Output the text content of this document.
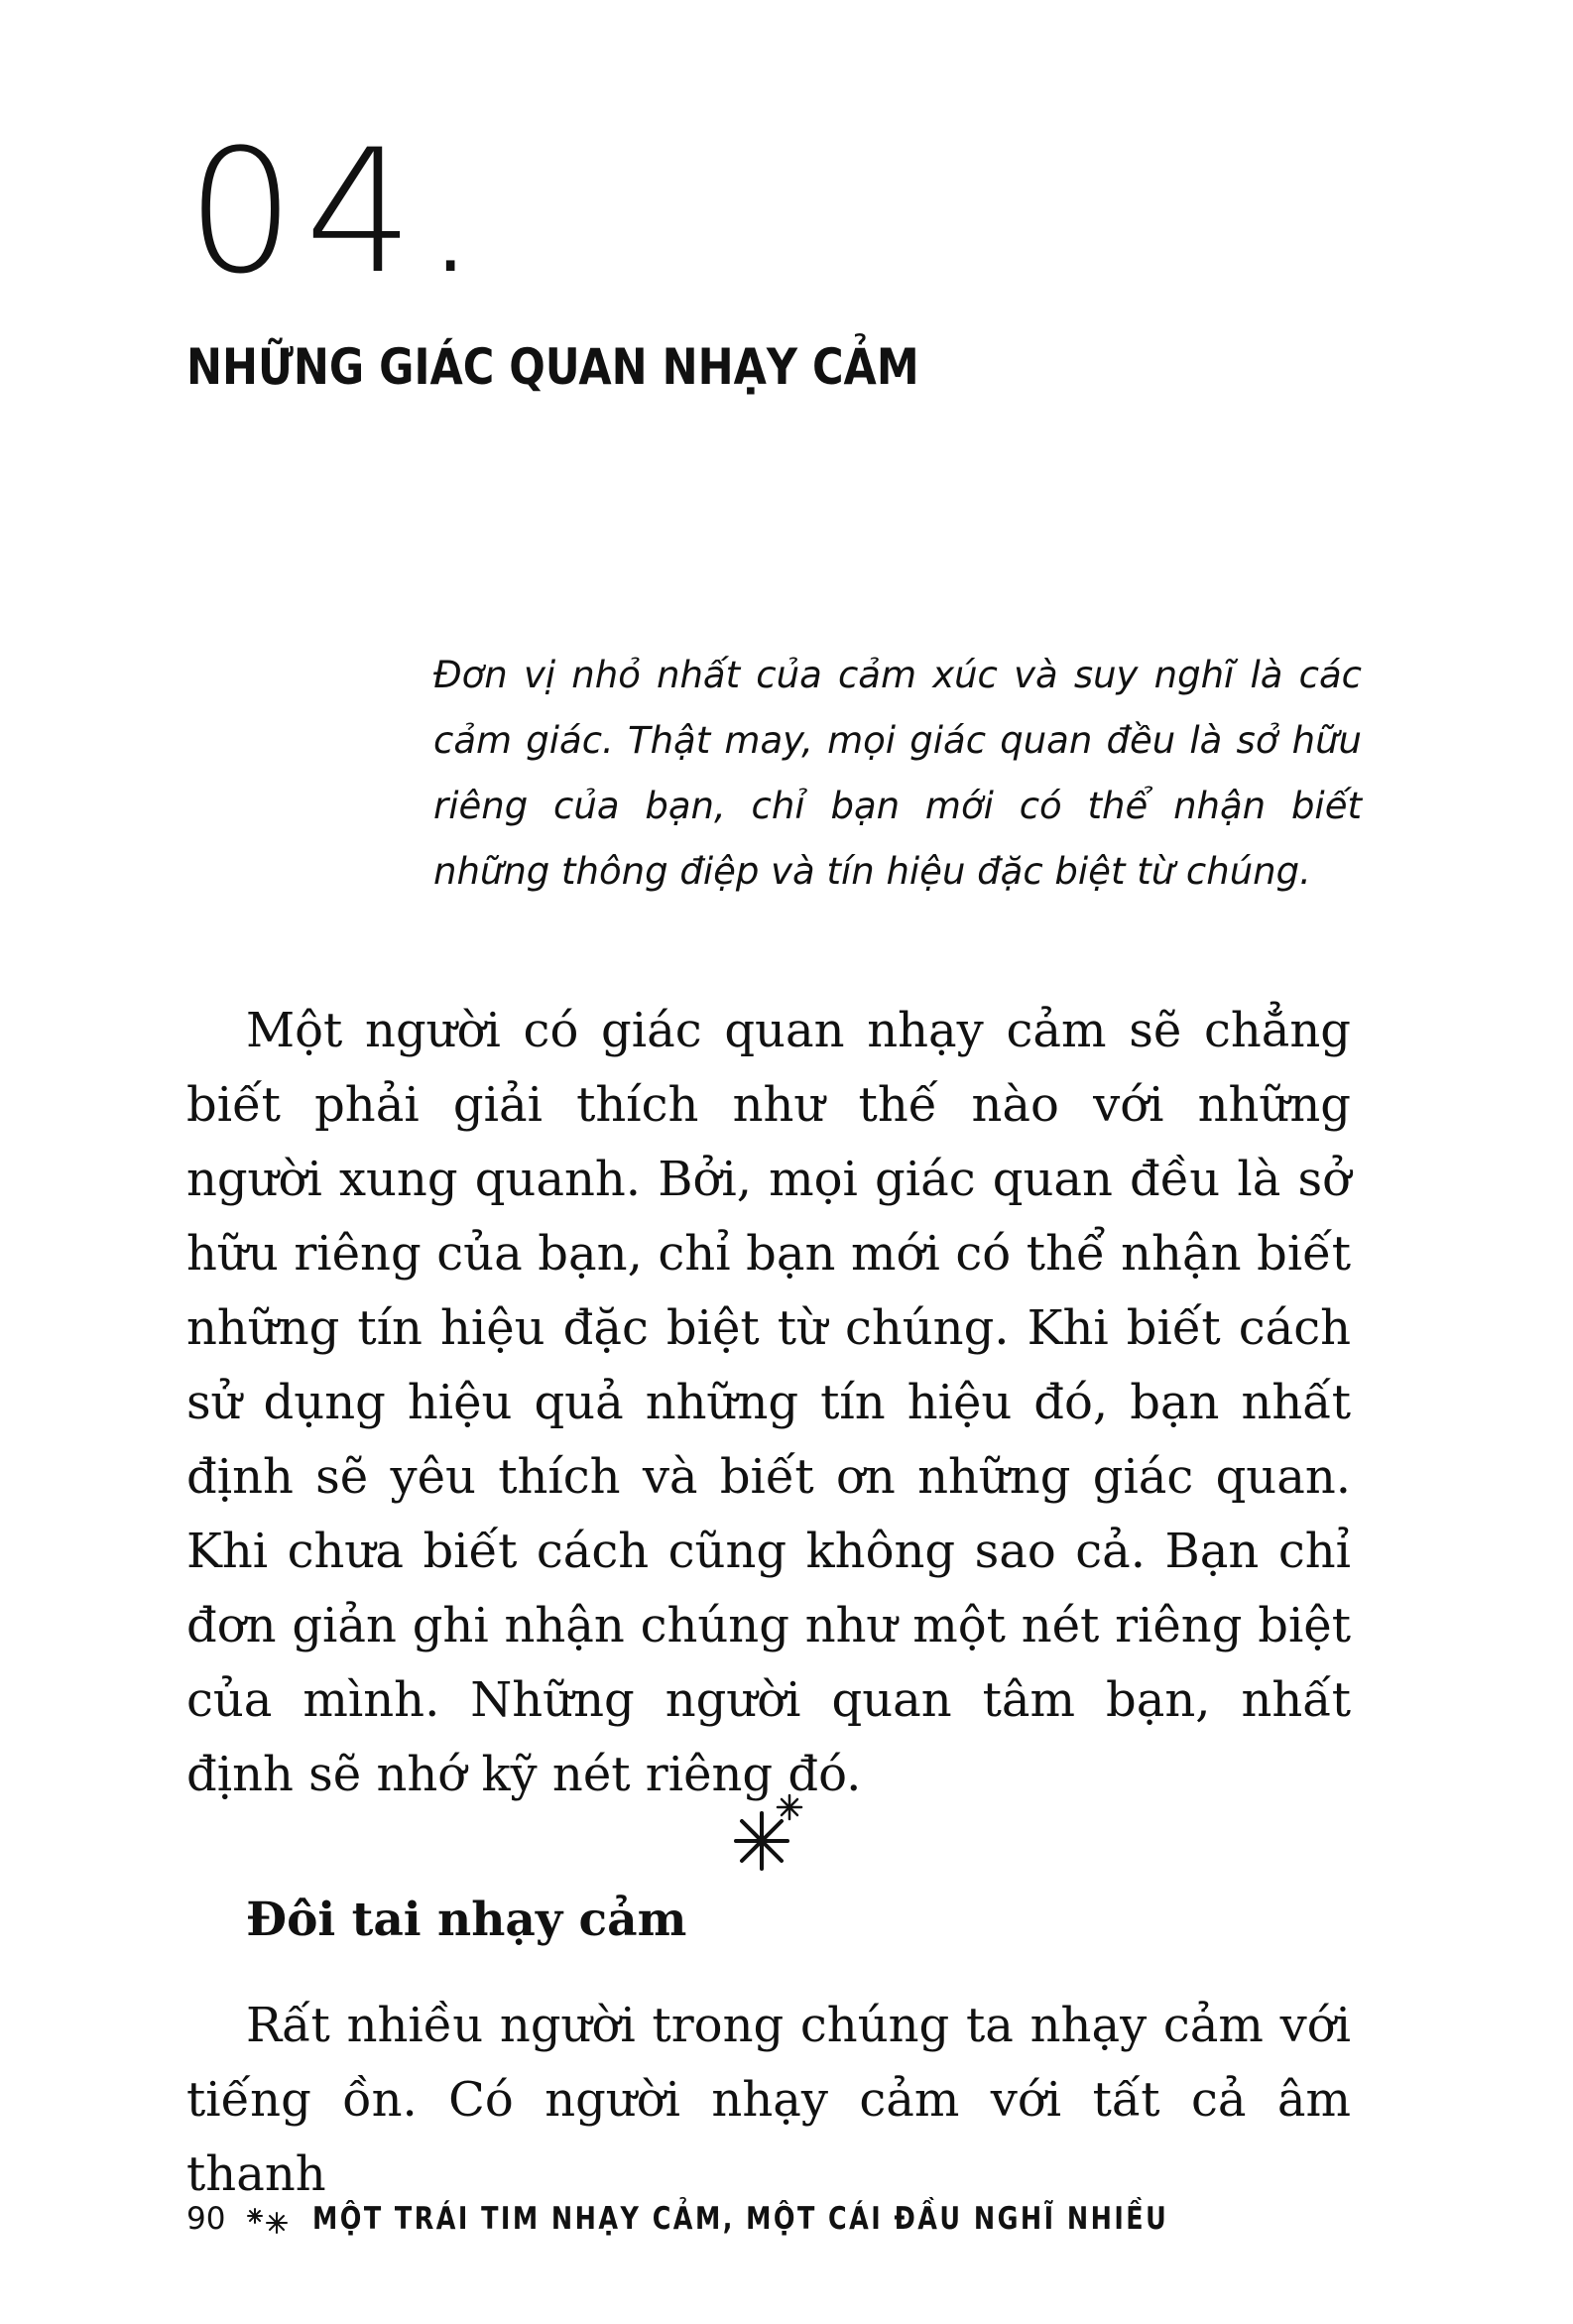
04.
NHỮNG GIÁC QUAN NHẠY CẢM

Đơn vị nhỏ nhất của cảm xúc và suy nghĩ là các cảm giác. Thật may, mọi giác quan đều là sở hữu riêng của bạn, chỉ bạn mới có thể nhận biết những thông điệp và tín hiệu đặc biệt từ chúng.

Một người có giác quan nhạy cảm sẽ chẳng biết phải giải thích như thế nào với những người xung quanh. Bởi, mọi giác quan đều là sở hữu riêng của bạn, chỉ bạn mới có thể nhận biết những tín hiệu đặc biệt từ chúng. Khi biết cách sử dụng hiệu quả những tín hiệu đó, bạn nhất định sẽ yêu thích và biết ơn những giác quan. Khi chưa biết cách cũng không sao cả. Bạn chỉ đơn giản ghi nhận chúng như một nét riêng biệt của mình. Những người quan tâm bạn, nhất định sẽ nhớ kỹ nét riêng đó.

Đôi tai nhạy cảm

Rất nhiều người trong chúng ta nhạy cảm với tiếng ồn. Có người nhạy cảm với tất cả âm thanh

90	MỘT TRÁI TIM NHẠY CẢM, MỘT CÁI ĐẦU NGHĨ NHIỀU
